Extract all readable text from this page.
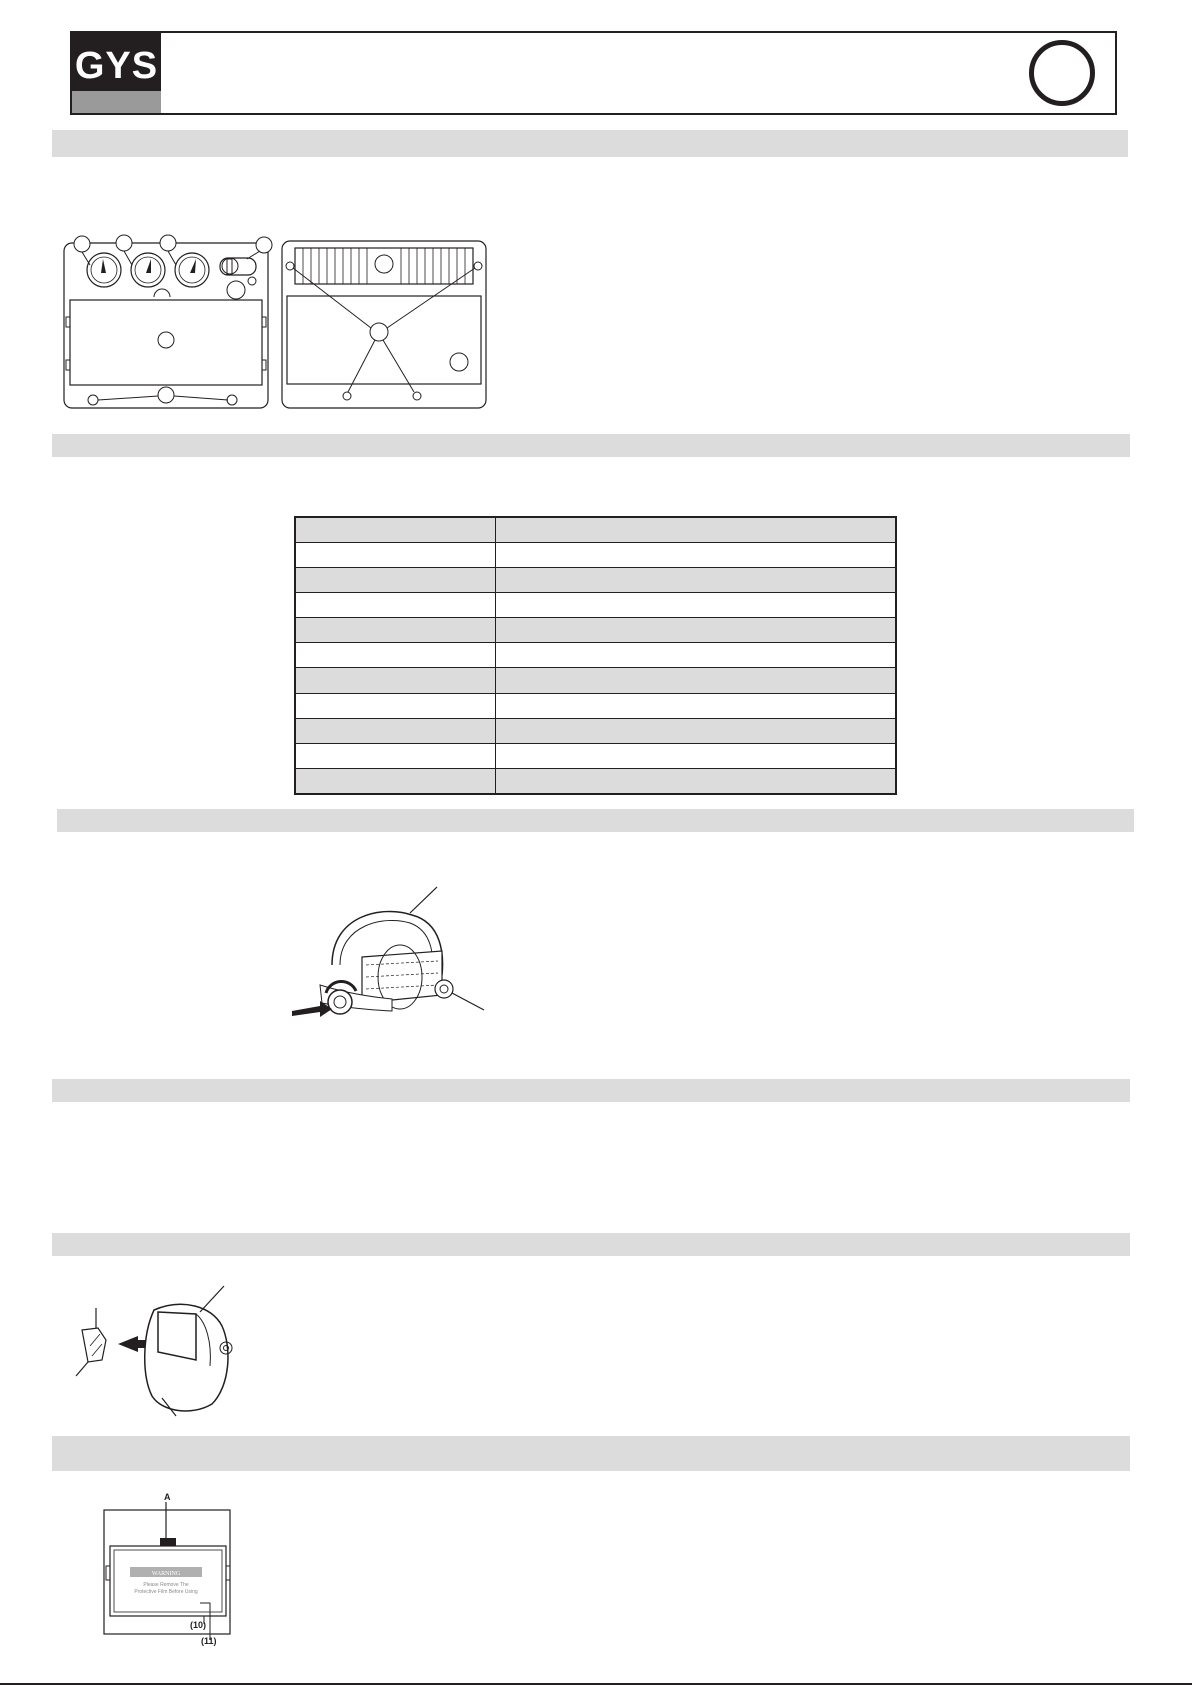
GYS

A
WARNING
Please Remove The
Protective Film Before Using
(10)
(11)
